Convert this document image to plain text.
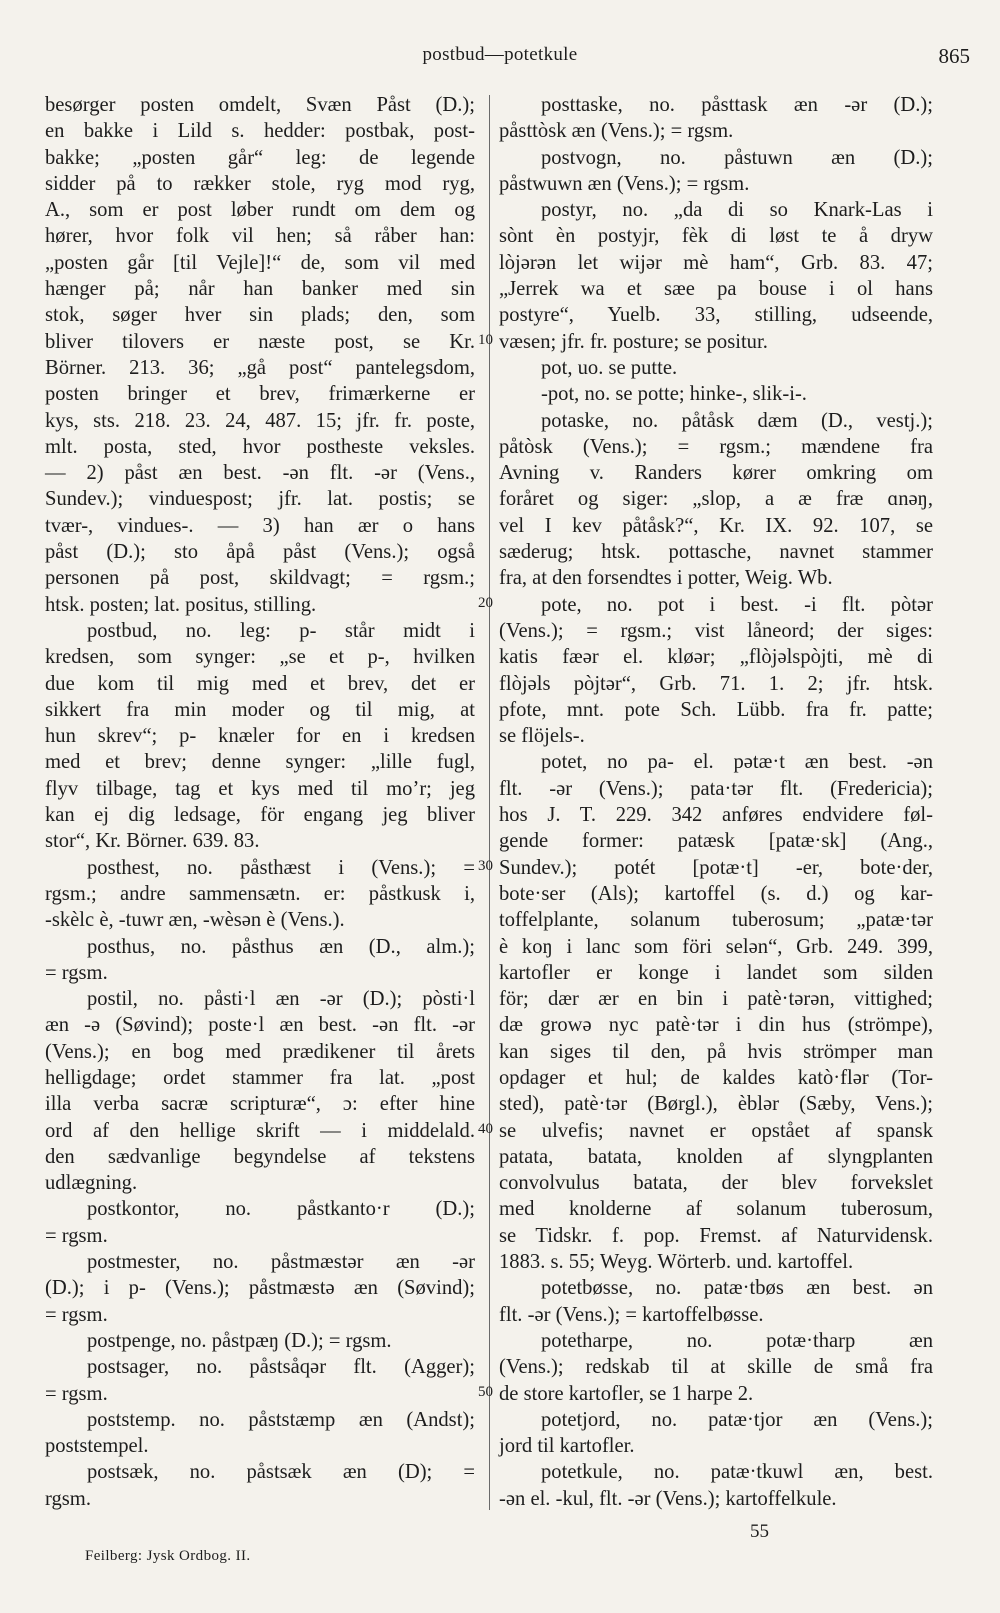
postbud—potetkule	865
besørger posten omdelt, Svæn Påst (D.);
en bakke i Lild s. hedder: postbak, post-
bakke; „posten går“ leg: de legende
sidder på to rækker stole, ryg mod ryg,
A., som er post løber rundt om dem og
hører, hvor folk vil hen; så råber han:
„posten går [til Vejle]!“ de, som vil med
hænger på; når han banker med sin
stok, søger hver sin plads; den, som
bliver tilovers er næste post, se Kr.
Börner. 213. 36; „gå post“ pantelegsdom,
posten bringer et brev, frimærkerne er
kys, sts. 218. 23. 24, 487. 15; jfr. fr. poste,
mlt. posta, sted, hvor postheste veksles.
— 2) påst æn best. -ən flt. -ər (Vens.,
Sundev.); vinduespost; jfr. lat. postis; se
tvær-, vindues-. — 3) han ær o hans
påst (D.); sto åpå påst (Vens.); også
personen på post, skildvagt; = rgsm.;
htsk. posten; lat. positus, stilling.
postbud, no. leg: p- står midt i
kredsen, som synger: „se et p-, hvilken
due kom til mig med et brev, det er
sikkert fra min moder og til mig, at
hun skrev“; p- knæler for en i kredsen
med et brev; denne synger: „lille fugl,
flyv tilbage, tag et kys med til mo’r; jeg
kan ej dig ledsage, för engang jeg bliver
stor“, Kr. Börner. 639. 83.
posthest, no. påsthæst i (Vens.); =
rgsm.; andre sammensætn. er: påstkusk i,
-skèlc è, -tuwr æn, -wèsən è (Vens.).
posthus, no. påsthus æn (D., alm.);
= rgsm.
postil, no. påsti·l æn -ər (D.); pòsti·l
æn -ə (Søvind); poste·l æn best. -ən flt. -ər
(Vens.); en bog med prædikener til årets
helligdage; ordet stammer fra lat. „post
illa verba sacræ scripturæ“, ɔ: efter hine
ord af den hellige skrift — i middelald.
den sædvanlige begyndelse af tekstens
udlægning.
postkontor, no. påstkanto·r (D.);
= rgsm.
postmester, no. påstmæstər æn -ər
(D.); i p- (Vens.); påstmæstə æn (Søvind);
= rgsm.
postpenge, no. påstpæŋ (D.); = rgsm.
postsager, no. påstsåqər flt. (Agger);
= rgsm.
poststemp. no. påststæmp æn (Andst);
poststempel.
postsæk, no. påstsæk æn (D); =
rgsm.
posttaske, no. påsttask æn -ər (D.);
påsttòsk æn (Vens.); = rgsm.
postvogn, no. påstuwn æn (D.);
påstwuwn æn (Vens.); = rgsm.
postyr, no. „da di so Knark-Las i
sònt èn postyjr, fèk di løst te å dryw
lòjərən let wijər mè ham“, Grb. 83. 47;
„Jerrek wa et sæe pa bouse i ol hans
postyre“, Yuelb. 33, stilling, udseende,
væsen; jfr. fr. posture; se positur.
pot, uo. se putte.
-pot, no. se potte; hinke-, slik-i-.
potaske, no. påtåsk dæm (D., vestj.);
påtòsk (Vens.); = rgsm.; mændene fra
Avning v. Randers kører omkring om
foråret og siger: „slop, a æ fræ ɑnəŋ,
vel I kev påtåsk?“, Kr. IX. 92. 107, se
sæderug; htsk. pottasche, navnet stammer
fra, at den forsendtes i potter, Weig. Wb.
pote, no. pot i best. -i flt. pòtər
(Vens.); = rgsm.; vist låneord; der siges:
katis fæər el. kløər; „flòjəlspòjti, mè di
flòjəls pòjtər“, Grb. 71. 1. 2; jfr. htsk.
pfote, mnt. pote Sch. Lübb. fra fr. patte;
se flöjels-.
potet, no pa- el. pətæ·t æn best. -ən
flt. -ər (Vens.); pata·tər flt. (Fredericia);
hos J. T. 229. 342 anføres endvidere føl-
gende former: patæsk [patæ·sk] (Ang.,
Sundev.); potét [potæ·t] -er, bote·der,
bote·ser (Als); kartoffel (s. d.) og kar-
toffelplante, solanum tuberosum; „patæ·tər
è koŋ i lanc som föri selən“, Grb. 249. 399,
kartofler er konge i landet som silden
för; dær ær en bin i patè·tərən, vittighed;
dæ growə nyc patè·tər i din hus (strömpe),
kan siges til den, på hvis strömper man
opdager et hul; de kaldes katò·flər (Tor-
sted), patè·tər (Børgl.), èblər (Sæby, Vens.);
se ulvefis; navnet er opstået af spansk
patata, batata, knolden af slyngplanten
convolvulus batata, der blev forvekslet
med knolderne af solanum tuberosum,
se Tidskr. f. pop. Fremst. af Naturvidensk.
1883. s. 55; Weyg. Wörterb. und. kartoffel.
potetbøsse, no. patæ·tbøs æn best. ən
flt. -ər (Vens.); = kartoffelbøsse.
potetharpe, no. potæ·tharp æn
(Vens.); redskab til at skille de små fra
de store kartofler, se 1 harpe 2.
potetjord, no. patæ·tjor æn (Vens.);
jord til kartofler.
potetkule, no. patæ·tkuwl æn, best.
-ən el. -kul, flt. -ər (Vens.); kartoffelkule.
10
20
30
40
50
55
Feilberg: Jysk Ordbog. II.
